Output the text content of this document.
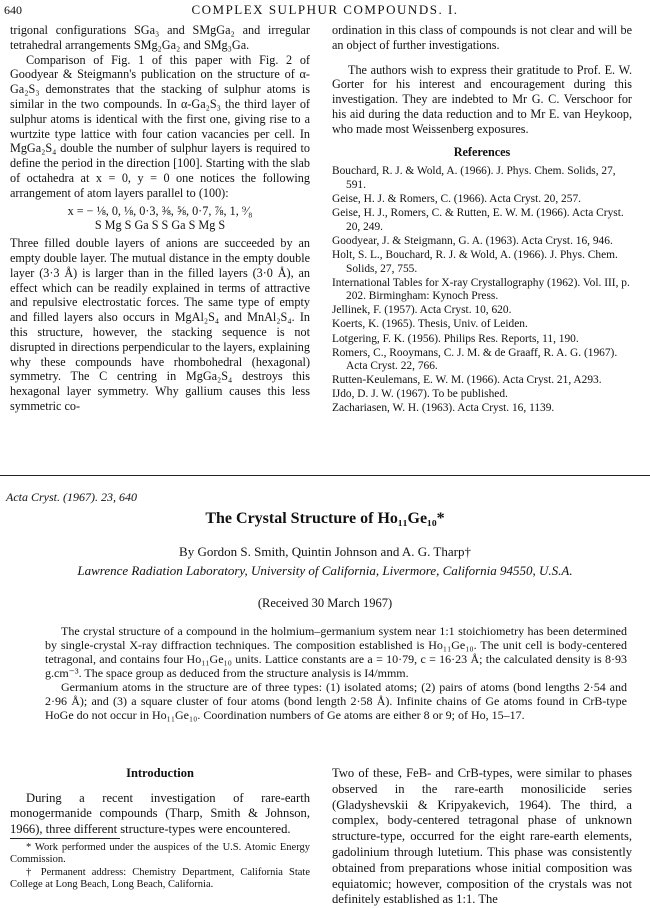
640	COMPLEX SULPHUR COMPOUNDS. I.

trigonal configurations SGa₃ and SMgGa₂ and irregular tetrahedral arrangements SMg₂Ga₂ and SMg₃Ga.

Comparison of Fig. 1 of this paper with Fig. 2 of Goodyear & Steigmann's publication on the structure of α-Ga₂S₃ demonstrates that the stacking of sulphur atoms is similar in the two compounds. In α-Ga₂S₃ the third layer of sulphur atoms is identical with the first one, giving rise to a wurtzite type lattice with four cation vacancies per cell. In MgGa₂S₄ double the number of sulphur layers is required to define the period in the direction [100]. Starting with the slab of octahedra at x = 0, y = 0 one notices the following arrangement of atom layers parallel to (100):

x = − ⅛, 0, ⅛, 0·3, ⅜, ⅝, 0·7, ⅞, 1, ⁹⁄₈
S Mg S Ga S S Ga S Mg S

Three filled double layers of anions are succeeded by an empty double layer. The mutual distance in the empty double layer (3·3 Å) is larger than in the filled layers (3·0 Å), an effect which can be readily explained in terms of attractive and repulsive electrostatic forces. The same type of empty and filled layers also occurs in MgAl₂S₄ and MnAl₂S₄. In this structure, however, the stacking sequence is not disrupted in directions perpendicular to the layers, explaining why these compounds have rhombohedral (hexagonal) symmetry. The C centring in MgGa₂S₄ destroys this hexagonal layer symmetry. Why gallium causes this less symmetric co-

ordination in this class of compounds is not clear and will be an object of further investigations.

The authors wish to express their gratitude to Prof. E. W. Gorter for his interest and encouragement during this investigation. They are indebted to Mr G. C. Verschoor for his aid during the data reduction and to Mr E. van Heykoop, who made most Weissenberg exposures.

References
Bouchard, R. J. & Wold, A. (1966). J. Phys. Chem. Solids, 27, 591.
Geise, H. J. & Romers, C. (1966). Acta Cryst. 20, 257.
Geise, H. J., Romers, C. & Rutten, E. W. M. (1966). Acta Cryst. 20, 249.
Goodyear, J. & Steigmann, G. A. (1963). Acta Cryst. 16, 946.
Holt, S. L., Bouchard, R. J. & Wold, A. (1966). J. Phys. Chem. Solids, 27, 755.
International Tables for X-ray Crystallography (1962). Vol. III, p. 202. Birmingham: Kynoch Press.
Jellinek, F. (1957). Acta Cryst. 10, 620.
Koerts, K. (1965). Thesis, Univ. of Leiden.
Lotgering, F. K. (1956). Philips Res. Reports, 11, 190.
Romers, C., Rooymans, C. J. M. & de Graaff, R. A. G. (1967). Acta Cryst. 22, 766.
Rutten-Keulemans, E. W. M. (1966). Acta Cryst. 21, A293.
IJdo, D. J. W. (1967). To be published.
Zachariasen, W. H. (1963). Acta Cryst. 16, 1139.
Acta Cryst. (1967). 23, 640
The Crystal Structure of Ho₁₁Ge₁₀*
By Gordon S. Smith, Quintin Johnson and A. G. Tharp†
Lawrence Radiation Laboratory, University of California, Livermore, California 94550, U.S.A.
(Received 30 March 1967)

The crystal structure of a compound in the holmium–germanium system near 1:1 stoichiometry has been determined by single-crystal X-ray diffraction techniques. The composition established is Ho₁₁Ge₁₀. The unit cell is body-centered tetragonal, and contains four Ho₁₁Ge₁₀ units. Lattice constants are a = 10·79, c = 16·23 Å; the calculated density is 8·93 g.cm⁻³. The space group as deduced from the structure analysis is I4/mmm.

Germanium atoms in the structure are of three types: (1) isolated atoms; (2) pairs of atoms (bond lengths 2·54 and 2·96 Å); and (3) a square cluster of four atoms (bond length 2·58 Å). Infinite chains of Ge atoms found in CrB-type HoGe do not occur in Ho₁₁Ge₁₀. Coordination numbers of Ge atoms are either 8 or 9; of Ho, 15–17.

Introduction

During a recent investigation of rare-earth monogermanide compounds (Tharp, Smith & Johnson, 1966), three different structure-types were encountered.

* Work performed under the auspices of the U.S. Atomic Energy Commission.

† Permanent address: Chemistry Department, California State College at Long Beach, Long Beach, California.

Two of these, FeB- and CrB-types, were similar to phases observed in the rare-earth monosilicide series (Gladyshevskii & Kripyakevich, 1964). The third, a complex, body-centered tetragonal phase of unknown structure-type, occurred for the eight rare-earth elements, gadolinium through lutetium. This phase was consistently obtained from preparations whose initial composition was equiatomic; however, composition of the crystals was not definitely established as 1:1. The
